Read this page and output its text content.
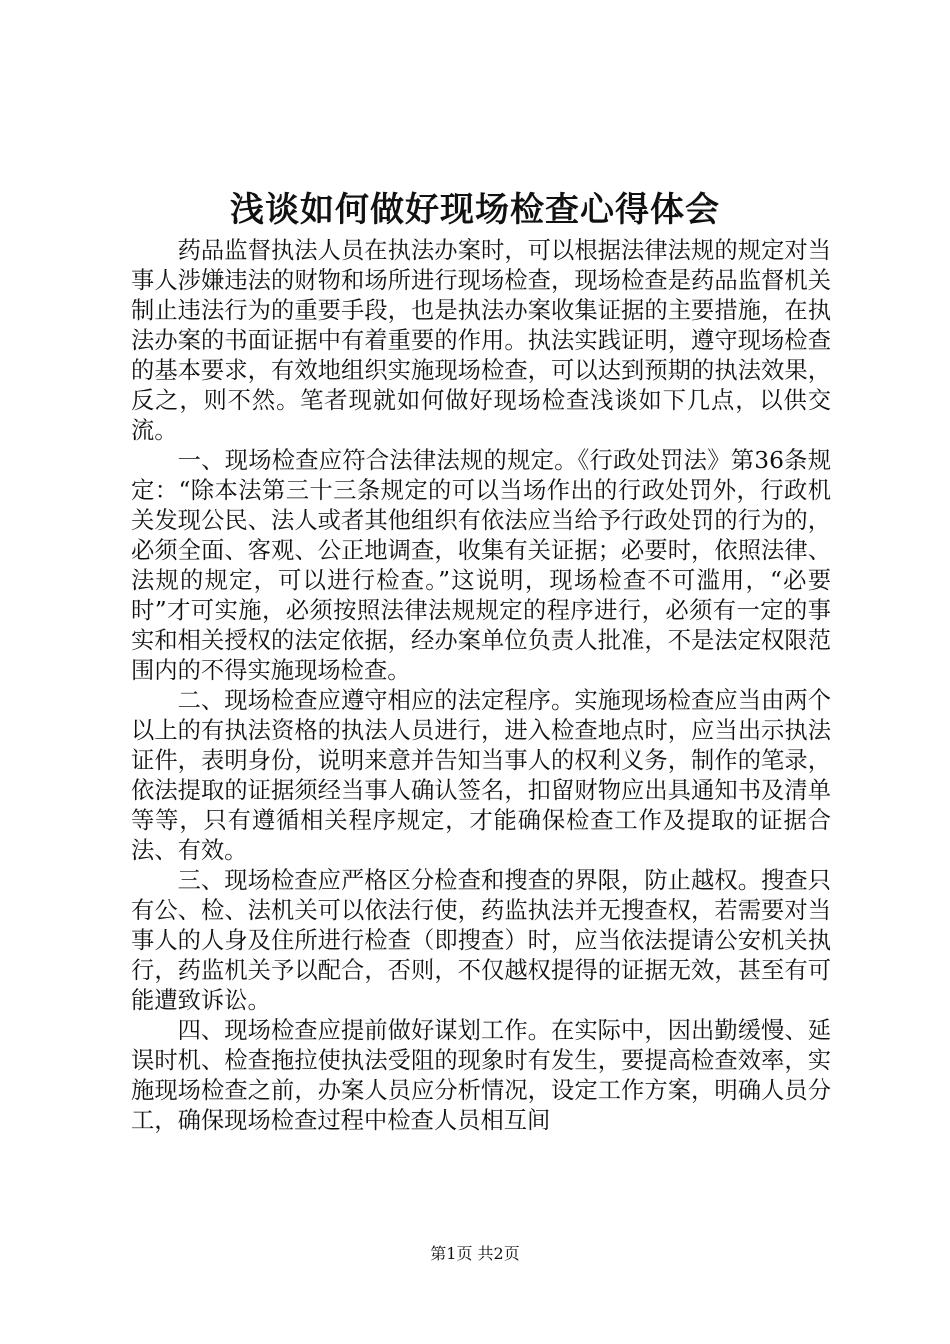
浅谈如何做好现场检查心得体会

药品监督执法人员在执法办案时，可以根据法律法规的规定对当事人涉嫌违法的财物和场所进行现场检查，现场检查是药品监督机关制止违法行为的重要手段，也是执法办案收集证据的主要措施，在执法办案的书面证据中有着重要的作用。执法实践证明，遵守现场检查的基本要求，有效地组织实施现场检查，可以达到预期的执法效果，反之，则不然。笔者现就如何做好现场检查浅谈如下几点，以供交流。

一、现场检查应符合法律法规的规定。《行政处罚法》第36条规定：“除本法第三十三条规定的可以当场作出的行政处罚外，行政机关发现公民、法人或者其他组织有依法应当给予行政处罚的行为的，必须全面、客观、公正地调查，收集有关证据；必要时，依照法律、法规的规定，可以进行检查。”这说明，现场检查不可滥用，“必要时”才可实施，必须按照法律法规规定的程序进行，必须有一定的事实和相关授权的法定依据，经办案单位负责人批准，不是法定权限范围内的不得实施现场检查。

二、现场检查应遵守相应的法定程序。实施现场检查应当由两个以上的有执法资格的执法人员进行，进入检查地点时，应当出示执法证件，表明身份，说明来意并告知当事人的权利义务，制作的笔录，依法提取的证据须经当事人确认签名，扣留财物应出具通知书及清单等等，只有遵循相关程序规定，才能确保检查工作及提取的证据合法、有效。

三、现场检查应严格区分检查和搜查的界限，防止越权。搜查只有公、检、法机关可以依法行使，药监执法并无搜查权，若需要对当事人的人身及住所进行检查（即搜查）时，应当依法提请公安机关执行，药监机关予以配合，否则，不仅越权提得的证据无效，甚至有可能遭致诉讼。

四、现场检查应提前做好谋划工作。在实际中，因出勤缓慢、延误时机、检查拖拉使执法受阻的现象时有发生，要提高检查效率，实施现场检查之前，办案人员应分析情况，设定工作方案，明确人员分工，确保现场检查过程中检查人员相互间

第1页 共2页
